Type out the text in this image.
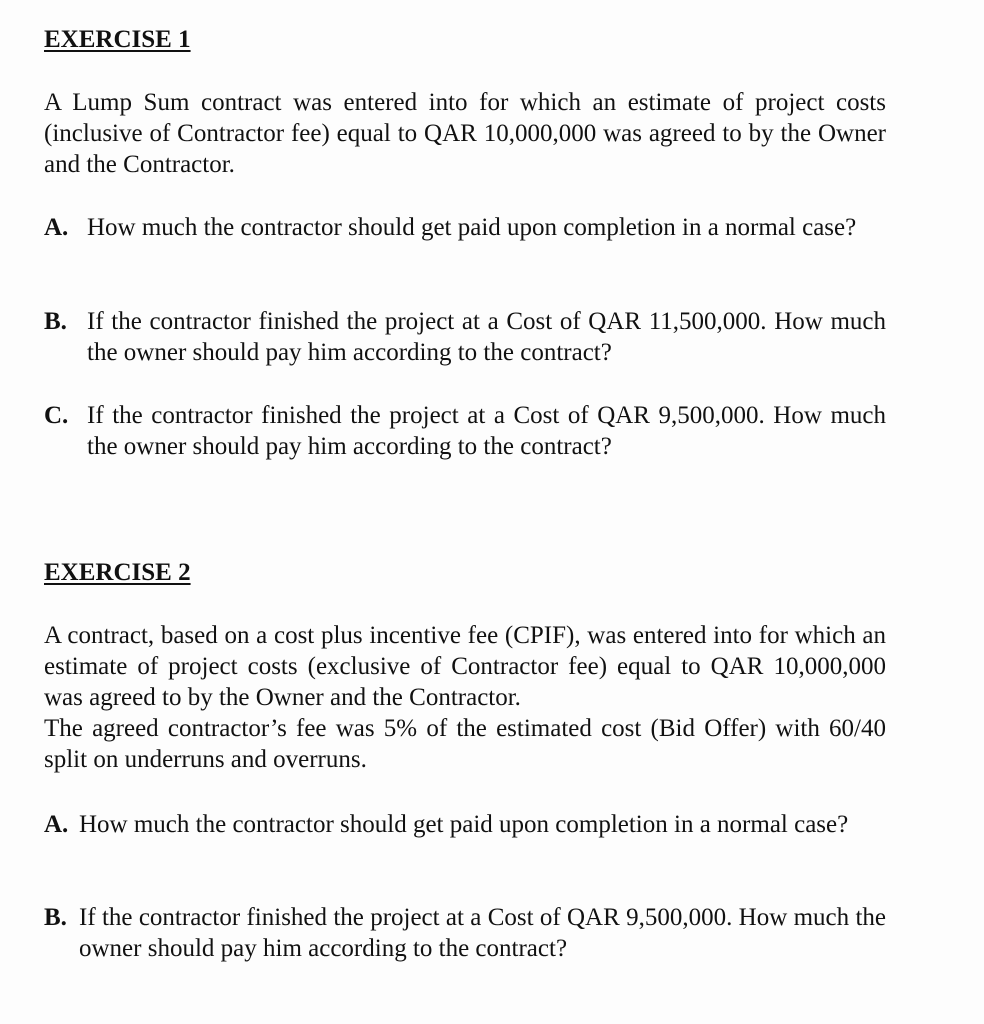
EXERCISE 1

A Lump Sum contract was entered into for which an estimate of project costs (inclusive of Contractor fee) equal to QAR 10,000,000 was agreed to by the Owner and the Contractor.

A. How much the contractor should get paid upon completion in a normal case?
B. If the contractor finished the project at a Cost of QAR 11,500,000. How much the owner should pay him according to the contract?
C. If the contractor finished the project at a Cost of QAR 9,500,000. How much the owner should pay him according to the contract?
EXERCISE 2
A contract, based on a cost plus incentive fee (CPIF), was entered into for which an estimate of project costs (exclusive of Contractor fee) equal to QAR 10,000,000 was agreed to by the Owner and the Contractor.
The agreed contractor’s fee was 5% of the estimated cost (Bid Offer) with 60/40 split on underruns and overruns.
A. How much the contractor should get paid upon completion in a normal case?
B. If the contractor finished the project at a Cost of QAR 9,500,000. How much the owner should pay him according to the contract?
